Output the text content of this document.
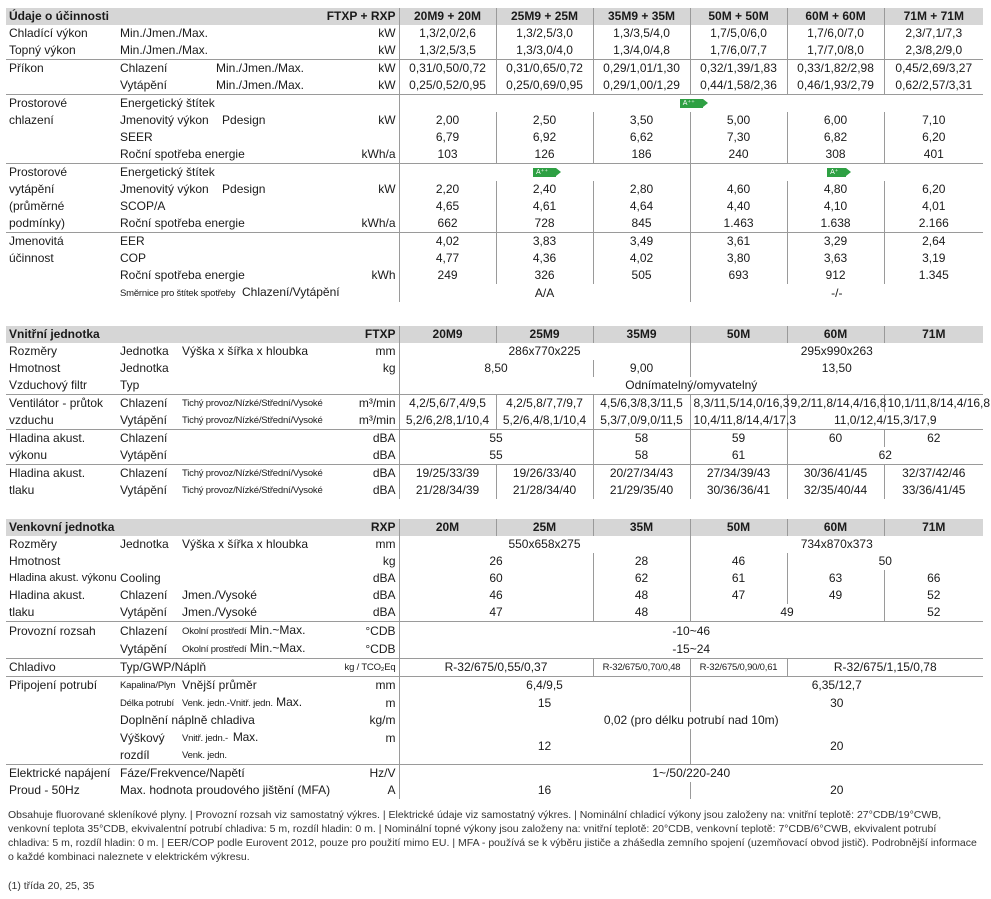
Údaje o účinnosti			FTXP + RXP	20M9 + 20M	25M9 + 25M	35M9 + 35M	50M + 50M	60M + 60M	71M + 71M
Chladící výkon	Min./Jmen./Max.		kW	1,3/2,0/2,6	1,3/2,5/3,0	1,3/3,5/4,0	1,7/5,0/6,0	1,7/6,0/7,0	2,3/7,1/7,3
Topný výkon	Min./Jmen./Max.		kW	1,3/2,5/3,5	1,3/3,0/4,0	1,3/4,0/4,8	1,7/6,0/7,7	1,7/7,0/8,0	2,3/8,2/9,0
Příkon	Chlazení	Min./Jmen./Max.	kW	0,31/0,50/0,72	0,31/0,65/0,72	0,29/1,01/1,30	0,32/1,39/1,83	0,33/1,82/2,98	0,45/2,69/3,27
	Vytápění	Min./Jmen./Max.	kW	0,25/0,52/0,95	0,25/0,69/0,95	0,29/1,00/1,29	0,44/1,58/2,36	0,46/1,93/2,79	0,62/2,57/3,31
Prostorové	Energetický štítek			A⁺⁺					
chlazení	Jmenovitý výkon Pdesign		kW	2,00	2,50	3,50	5,00	6,00	7,10
	SEER			6,79	6,92	6,62	7,30	6,82	6,20
	Roční spotřeba energie		kWh/a	103	126	186	240	308	401
Prostorové	Energetický štítek			A⁺⁺			A⁺		
vytápění	Jmenovitý výkon Pdesign		kW	2,20	2,40	2,80	4,60	4,80	6,20
(průměrné	SCOP/A			4,65	4,61	4,64	4,40	4,10	4,01
podmínky)	Roční spotřeba energie		kWh/a	662	728	845	1.463	1.638	2.166
Jmenovitá	EER			4,02	3,83	3,49	3,61	3,29	2,64
účinnost	COP			4,77	4,36	4,02	3,80	3,63	3,19
	Roční spotřeba energie		kWh	249	326	505	693	912	1.345
	Směrnice pro štítek spotřeby Chlazení/Vytápění			A/A			-/-		
Vnitřní jednotka			FTXP	20M9	25M9	35M9	50M	60M	71M
Rozměry	Jednotka	Výška x šířka x hloubka	mm	286x770x225			295x990x263		
Hmotnost	Jednotka		kg	8,50		9,00	13,50		
Vzduchový filtr	Typ			Odnímatelný/omyvatelný					
Ventilátor - průtok	Chlazení	Tichý provoz/Nízké/Střední/Vysoké	m³/min	4,2/5,6/7,4/9,5	4,2/5,8/7,7/9,7	4,5/6,3/8,3/11,5	8,3/11,5/14,0/16,3	9,2/11,8/14,4/16,8	10,1/11,8/14,4/16,8
vzduchu	Vytápění	Tichý provoz/Nízké/Střední/Vysoké	m³/min	5,2/6,2/8,1/10,4	5,2/6,4/8,1/10,4	5,3/7,0/9,0/11,5	10,4/11,8/14,4/17,3	11,0/12,4/15,3/17,9	
Hladina akust.	Chlazení		dBA	55		58	59	60	62
výkonu	Vytápění		dBA	55		58	61	62	
Hladina akust.	Chlazení	Tichý provoz/Nízké/Střední/Vysoké	dBA	19/25/33/39	19/26/33/40	20/27/34/43	27/34/39/43	30/36/41/45	32/37/42/46
tlaku	Vytápění	Tichý provoz/Nízké/Střední/Vysoké	dBA	21/28/34/39	21/28/34/40	21/29/35/40	30/36/36/41	32/35/40/44	33/36/41/45
Venkovní jednotka			RXP	20M	25M	35M	50M	60M	71M
Rozměry	Jednotka	Výška x šířka x hloubka	mm	550x658x275			734x870x373		
Hmotnost			kg	26		28	46	50	
Hladina akust. výkonu	Cooling		dBA	60		62	61	63	66
Hladina akust.	Chlazení	Jmen./Vysoké	dBA	46		48	47	49	52
tlaku	Vytápění	Jmen./Vysoké	dBA	47		48	49		52
Provozní rozsah	Chlazení	Okolní prostředí Min.~Max.	°CDB	-10~46					
	Vytápění	Okolní prostředí Min.~Max.	°CDB	-15~24					
Chladivo	Typ/GWP/Náplň		kg / TCO₂Eq	R-32/675/0,55/0,37		R-32/675/0,70/0,48	R-32/675/0,90/0,61	R-32/675/1,15/0,78	
Připojení potrubí	Kapalina/Plyn	Vnější průměr	mm	6,4/9,5			6,35/12,7		
	Délka potrubí	Venk. jedn.-Vnitř. jedn. Max.	m	15			30		
	Doplnění náplně chladiva		kg/m	0,02 (pro délku potrubí nad 10m)					
	Výškový	Vnitř. jedn.- Max.	m	12			20		
	rozdíl	Venk. jedn.							
Elektrické napájení	Fáze/Frekvence/Napětí		Hz/V	1~/50/220-240					
Proud - 50Hz	Max. hodnota proudového jištění (MFA)		A	16			20		
Obsahuje fluorované skleníkové plyny. | Provozní rozsah viz samostatný výkres. | Elektrické údaje viz samostatný výkres. | Nominální chladicí výkony jsou založeny na: vnitřní teplotě: 27°CDB/19°CWB, venkovní teplota 35°CDB, ekvivalentní potrubí chladiva: 5 m, rozdíl hladin: 0 m. | Nominální topné výkony jsou založeny na: vnitřní teplotě: 20°CDB, venkovní teplotě: 7°CDB/6°CWB, ekvivalent potrubí chladiva: 5 m, rozdíl hladin: 0 m. | EER/COP podle Eurovent 2012, pouze pro použití mimo EU. | MFA - používá se k výběru jističe a zhášedla zemního spojení (uzemňovací obvod jistič). Podrobnější informace o každé kombinaci naleznete v elektrickém výkresu.
(1) třída 20, 25, 35
